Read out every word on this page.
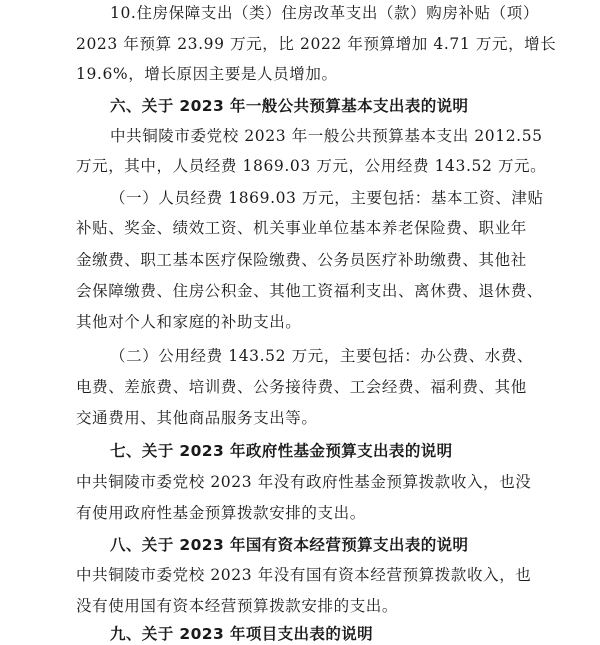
10.住房保障支出（类）住房改革支出（款）购房补贴（项）
2023 年预算 23.99 万元，比 2022 年预算增加 4.71 万元，增长
19.6%，增长原因主要是人员增加。
六、关于 2023 年一般公共预算基本支出表的说明
中共铜陵市委党校 2023 年一般公共预算基本支出 2012.55
万元，其中，人员经费 1869.03 万元，公用经费 143.52 万元。
（一）人员经费 1869.03 万元，主要包括：基本工资、津贴
补贴、奖金、绩效工资、机关事业单位基本养老保险费、职业年
金缴费、职工基本医疗保险缴费、公务员医疗补助缴费、其他社
会保障缴费、住房公积金、其他工资福利支出、离休费、退休费、
其他对个人和家庭的补助支出。
（二）公用经费 143.52 万元，主要包括：办公费、水费、
电费、差旅费、培训费、公务接待费、工会经费、福利费、其他
交通费用、其他商品服务支出等。
七、关于 2023 年政府性基金预算支出表的说明
中共铜陵市委党校 2023 年没有政府性基金预算拨款收入，也没
有使用政府性基金预算拨款安排的支出。
八、关于 2023 年国有资本经营预算支出表的说明
中共铜陵市委党校 2023 年没有国有资本经营预算拨款收入，也
没有使用国有资本经营预算拨款安排的支出。
九、关于 2023 年项目支出表的说明
